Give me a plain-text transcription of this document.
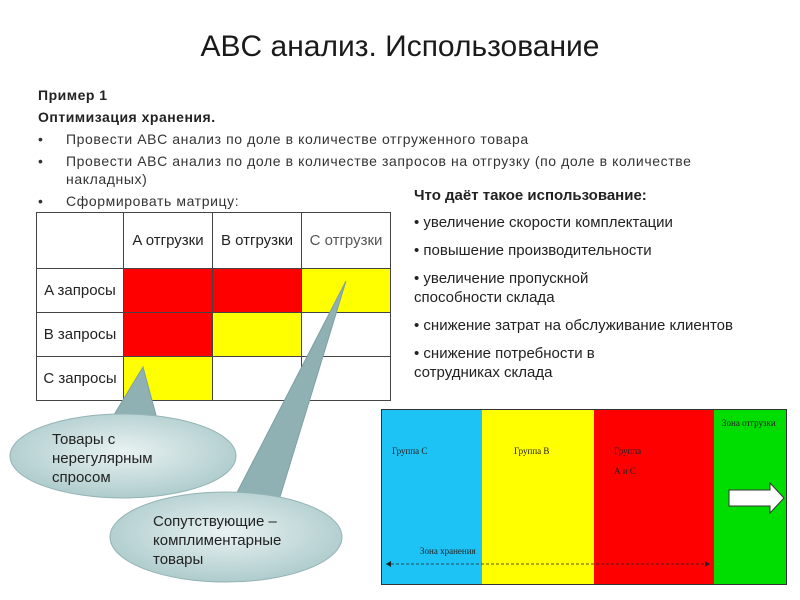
ABC анализ. Использование
Пример 1
Оптимизация хранения.
• Провести ABC анализ по доле в количестве отгруженного товара
• Провести ABC анализ по доле в количестве запросов на отгрузку (по доле в количестве накладных)
• Сформировать матрицу:
	A отгрузки	B отгрузки	C отгрузки
A запросы			
B запросы			
C запросы			
Что даёт такое использование:
• увеличение скорости комплектации
• повышение производительности
• увеличение пропускной способности склада
• снижение затрат на обслуживание клиентов
• снижение потребности в сотрудниках склада
Товары с нерегулярным спросом
Сопутствующие – комплиментарные товары
Группа С	Группа В	Группа
А и С
Зона отгрузки
Зона хранения
